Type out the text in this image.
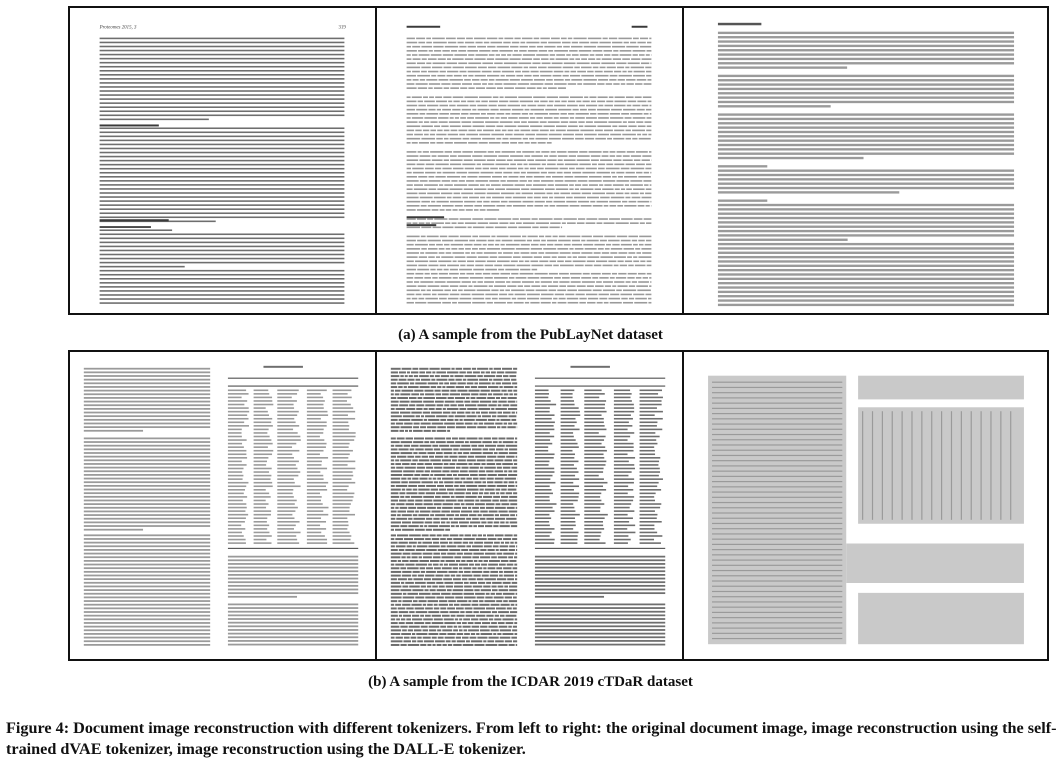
Proteomes 2015, 3	319
(a) A sample from the PubLayNet dataset
(b) A sample from the ICDAR 2019 cTDaR dataset
Figure 4: Document image reconstruction with different tokenizers. From left to right: the original document image, image reconstruction using the self-trained dVAE tokenizer, image reconstruction using the DALL-E tokenizer.
